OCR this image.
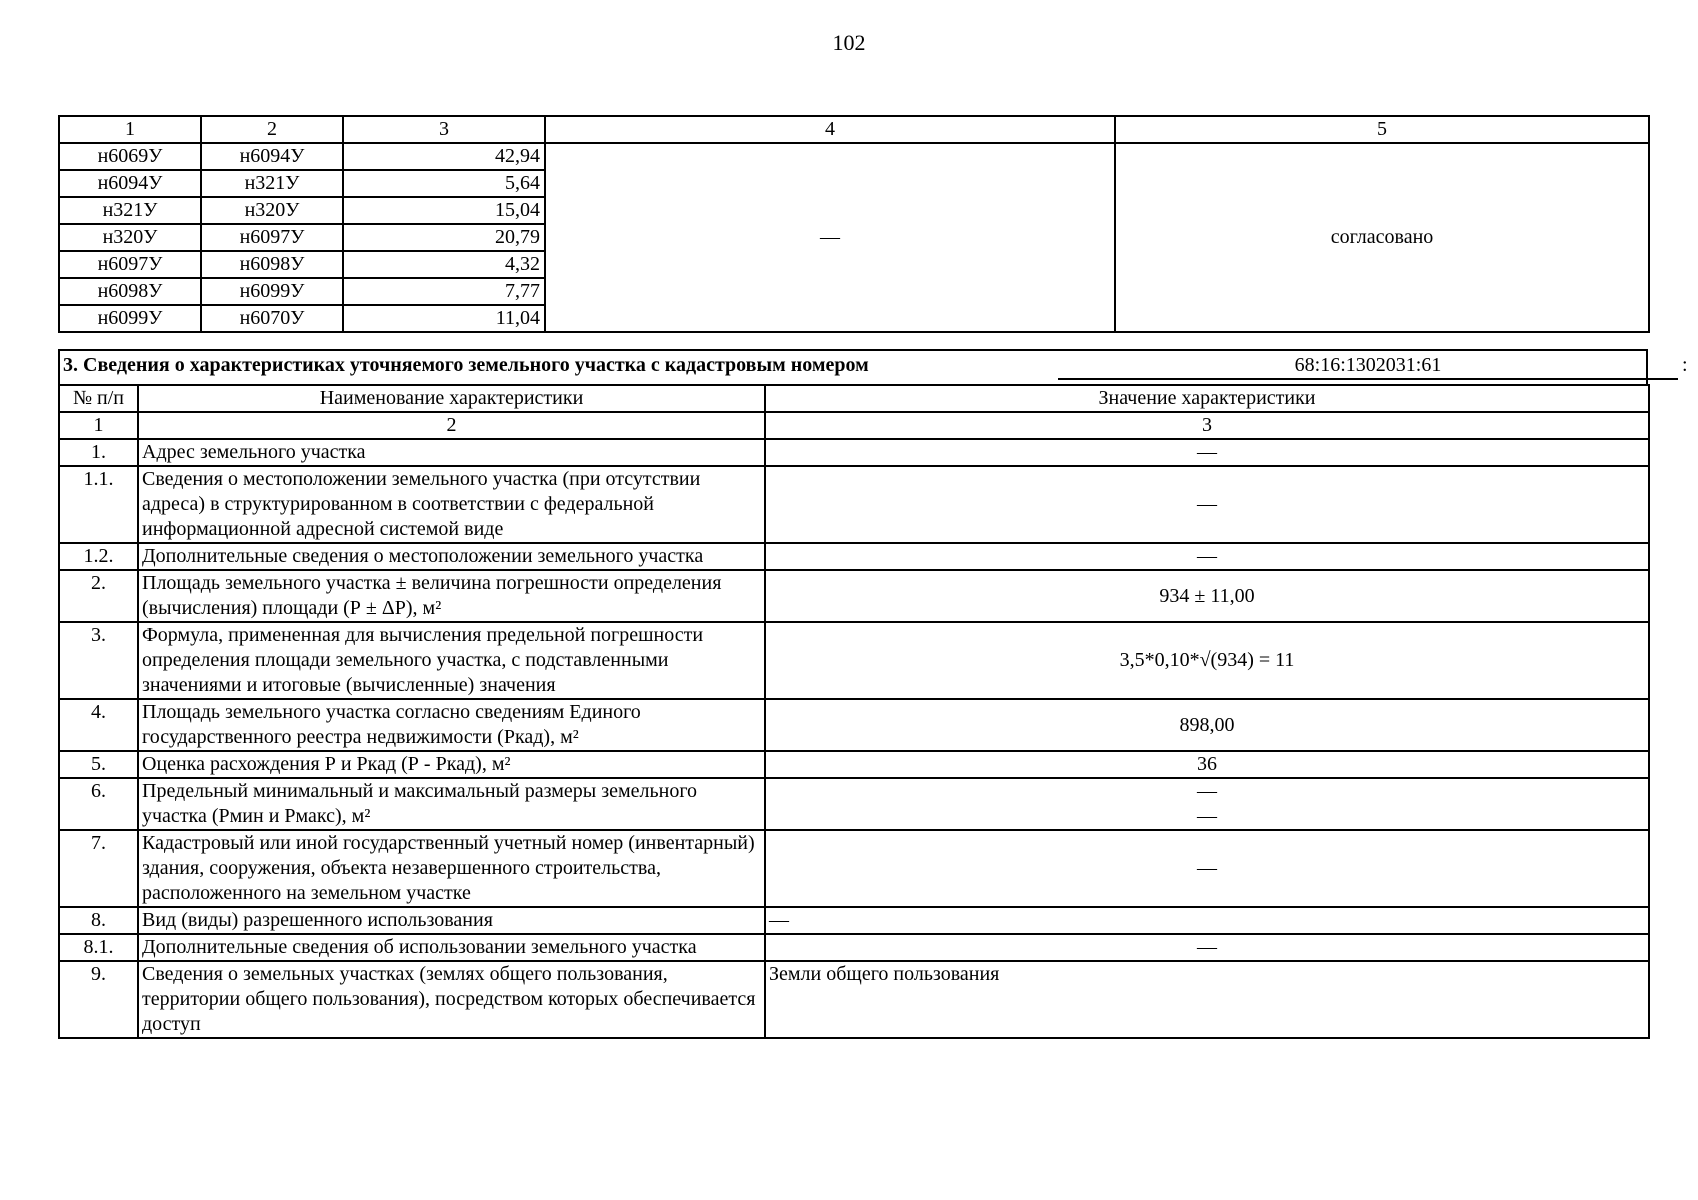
102
1	2	3	4	5
н6069У	н6094У	42,94	—	согласовано
н6094У	н321У	5,64		
н321У	н320У	15,04		
н320У	н6097У	20,79		
н6097У	н6098У	4,32		
н6098У	н6099У	7,77		
н6099У	н6070У	11,04		
3. Сведения о характеристиках уточняемого земельного участка с кадастровым номером	68:16:1302031:61	:
№ п/п	Наименование характеристики	Значение характеристики
1	2	3
1.	Адрес земельного участка	—
1.1.	Сведения о местоположении земельного участка (при отсутствии адреса) в структурированном в соответствии с федеральной информационной адресной системой виде	—
1.2.	Дополнительные сведения о местоположении земельного участка	—
2.	Площадь земельного участка ± величина погрешности определения (вычисления) площади (Р ± ΔР), м²	934 ± 11,00
3.	Формула, примененная для вычисления предельной погрешности определения площади земельного участка, с подставленными значениями и итоговые (вычисленные) значения	3,5*0,10*√(934) = 11
4.	Площадь земельного участка согласно сведениям Единого государственного реестра недвижимости (Ркад), м²	898,00
5.	Оценка расхождения Р и Ркад (Р - Ркад), м²	36
6.	Предельный минимальный и максимальный размеры земельного участка (Рмин и Рмакс), м²	—
—

7.	Кадастровый или иной государственный учетный номер (инвентарный) здания, сооружения, объекта незавершенного строительства, расположенного на земельном участке	—
8.	Вид (виды) разрешенного использования	—
8.1.	Дополнительные сведения об использовании земельного участка	—
9.	Сведения о земельных участках (землях общего пользования, территории общего пользования), посредством которых обеспечивается доступ	Земли общего пользования
